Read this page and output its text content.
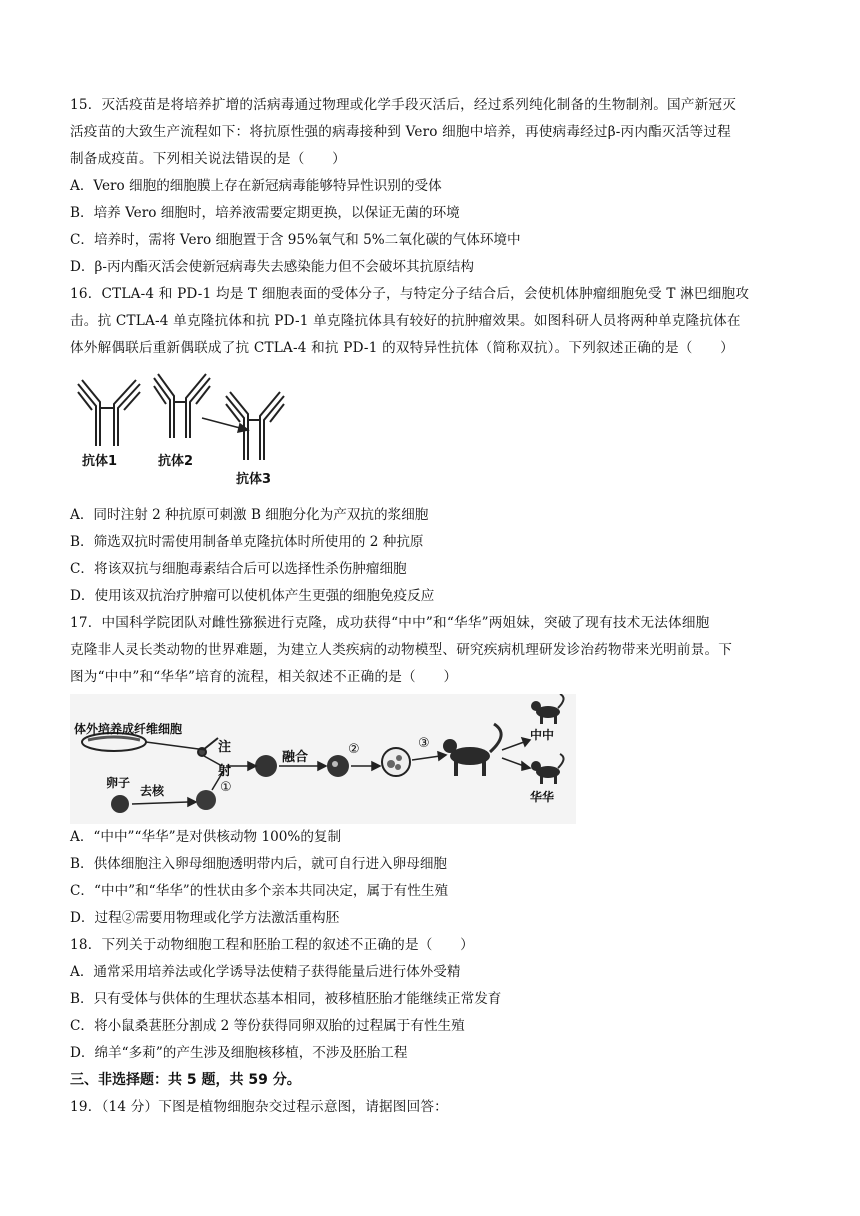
15．灭活疫苗是将培养扩增的活病毒通过物理或化学手段灭活后，经过系列纯化制备的生物制剂。国产新冠灭
活疫苗的大致生产流程如下：将抗原性强的病毒接种到 Vero 细胞中培养，再使病毒经过β-丙内酯灭活等过程
制备成疫苗。下列相关说法错误的是（　　）
A．Vero 细胞的细胞膜上存在新冠病毒能够特异性识别的受体
B．培养 Vero 细胞时，培养液需要定期更换，以保证无菌的环境
C．培养时，需将 Vero 细胞置于含 95%氧气和 5%二氧化碳的气体环境中
D．β-丙内酯灭活会使新冠病毒失去感染能力但不会破坏其抗原结构
16．CTLA-4 和 PD-1 均是 T 细胞表面的受体分子，与特定分子结合后，会使机体肿瘤细胞免受 T 淋巴细胞攻
击。抗 CTLA-4 单克隆抗体和抗 PD-1 单克隆抗体具有较好的抗肿瘤效果。如图科研人员将两种单克隆抗体在
体外解偶联后重新偶联成了抗 CTLA-4 和抗 PD-1 的双特异性抗体（简称双抗）。下列叙述正确的是（　　）
抗体1	抗体2
抗体3
A．同时注射 2 种抗原可刺激 B 细胞分化为产双抗的浆细胞
B．筛选双抗时需使用制备单克隆抗体时所使用的 2 种抗原
C．将该双抗与细胞毒素结合后可以选择性杀伤肿瘤细胞
D．使用该双抗治疗肿瘤可以使机体产生更强的细胞免疫反应
17．中国科学院团队对雌性猕猴进行克隆，成功获得“中中”和“华华”两姐妹，突破了现有技术无法体细胞
克隆非人灵长类动物的世界难题，为建立人类疾病的动物模型、研究疾病机理研发诊治药物带来光明前景。下
图为“中中”和“华华”培育的流程，相关叙述不正确的是（　　）
体外培养成纤维细胞
注
射
融合
卵子
去核	①
②	③
中中
华华
A．“中中”“华华”是对供核动物 100%的复制
B．供体细胞注入卵母细胞透明带内后，就可自行进入卵母细胞
C．“中中”和“华华”的性状由多个亲本共同决定，属于有性生殖
D．过程②需要用物理或化学方法激活重构胚
18．下列关于动物细胞工程和胚胎工程的叙述不正确的是（　　）
A．通常采用培养法或化学诱导法使精子获得能量后进行体外受精
B．只有受体与供体的生理状态基本相同，被移植胚胎才能继续正常发育
C．将小鼠桑葚胚分割成 2 等份获得同卵双胎的过程属于有性生殖
D．绵羊“多莉”的产生涉及细胞核移植，不涉及胚胎工程
三、非选择题：共 5 题，共 59 分。
19．（14 分）下图是植物细胞杂交过程示意图，请据图回答：
